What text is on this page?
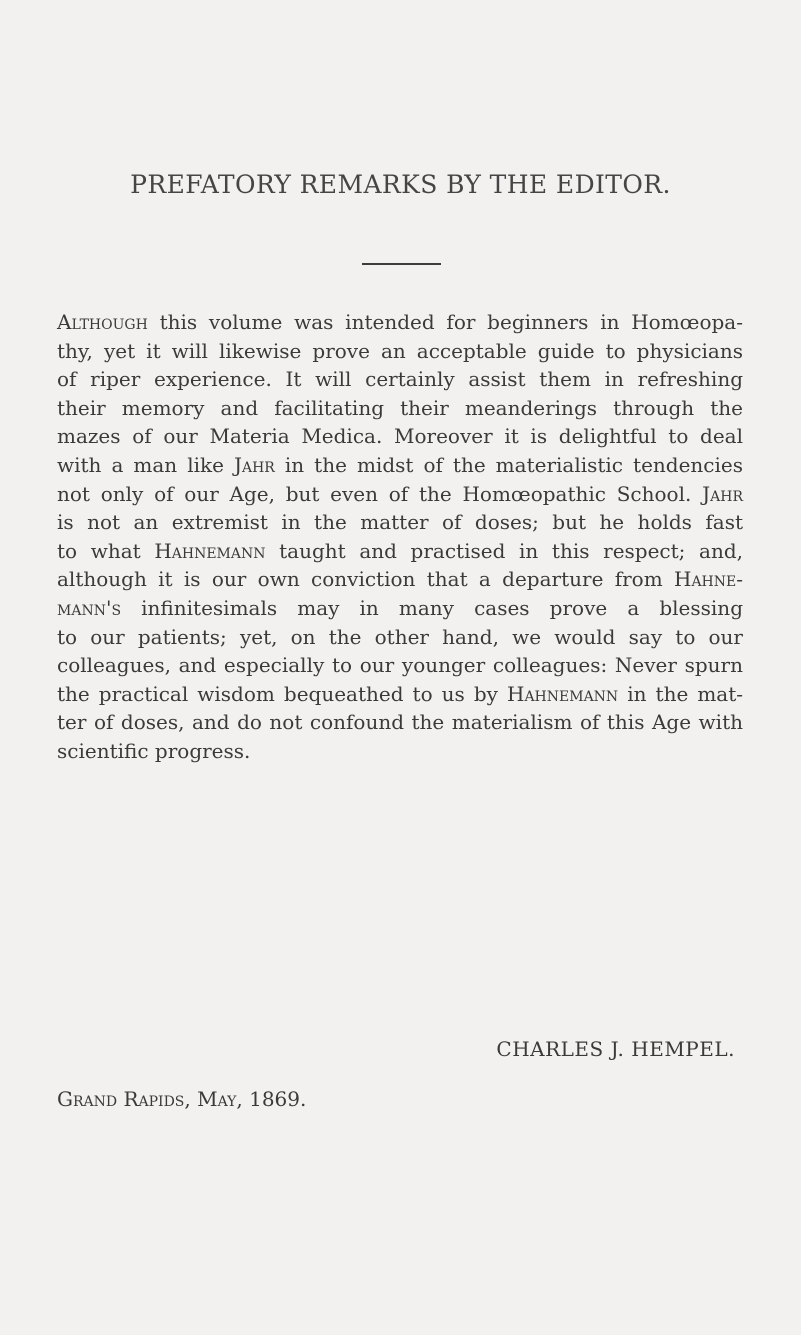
PREFATORY REMARKS BY THE EDITOR.

Although this volume was intended for beginners in Homœopa-
thy, yet it will likewise prove an acceptable guide to physicians
of riper experience. It will certainly assist them in refreshing
their memory and facilitating their meanderings through the
mazes of our Materia Medica. Moreover it is delightful to deal
with a man like Jahr in the midst of the materialistic tendencies
not only of our Age, but even of the Homœopathic School. Jahr
is not an extremist in the matter of doses; but he holds fast
to what Hahnemann taught and practised in this respect; and,
although it is our own conviction that a departure from Hahne-
mann's infinitesimals may in many cases prove a blessing
to our patients; yet, on the other hand, we would say to our
colleagues, and especially to our younger colleagues: Never spurn
the practical wisdom bequeathed to us by Hahnemann in the mat-
ter of doses, and do not confound the materialism of this Age with
scientific progress.

CHARLES J. HEMPEL.
Grand Rapids, May, 1869.
